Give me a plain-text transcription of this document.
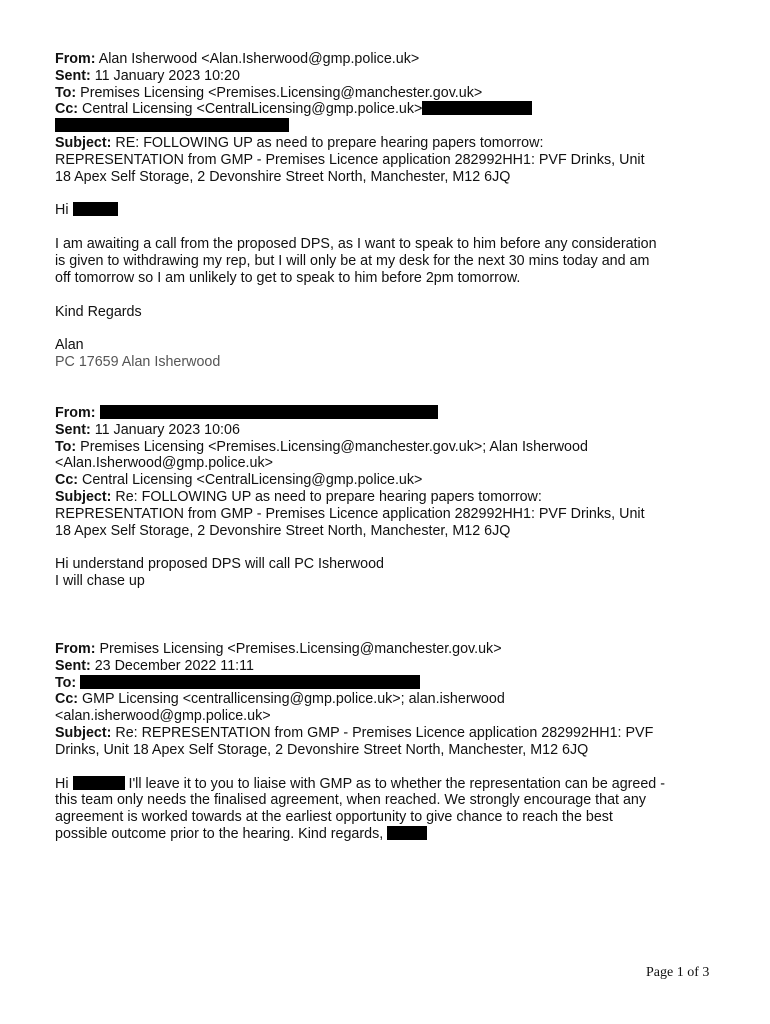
From: Alan Isherwood <Alan.Isherwood@gmp.police.uk>
Sent: 11 January 2023 10:20
To: Premises Licensing <Premises.Licensing@manchester.gov.uk>
Cc: Central Licensing <CentralLicensing@gmp.police.uk>
Subject: RE: FOLLOWING UP as need to prepare hearing papers tomorrow:
REPRESENTATION from GMP - Premises Licence application 282992HH1: PVF Drinks, Unit
18 Apex Self Storage, 2 Devonshire Street North, Manchester, M12 6JQ
Hi
I am awaiting a call from the proposed DPS, as I want to speak to him before any consideration
is given to withdrawing my rep, but I will only be at my desk for the next 30 mins today and am
off tomorrow so I am unlikely to get to speak to him before 2pm tomorrow.
Kind Regards
Alan
PC 17659 Alan Isherwood
From:
Sent: 11 January 2023 10:06
To: Premises Licensing <Premises.Licensing@manchester.gov.uk>; Alan Isherwood
<Alan.Isherwood@gmp.police.uk>
Cc: Central Licensing <CentralLicensing@gmp.police.uk>
Subject: Re: FOLLOWING UP as need to prepare hearing papers tomorrow:
REPRESENTATION from GMP - Premises Licence application 282992HH1: PVF Drinks, Unit
18 Apex Self Storage, 2 Devonshire Street North, Manchester, M12 6JQ
Hi understand proposed DPS will call PC Isherwood
I will chase up
From: Premises Licensing <Premises.Licensing@manchester.gov.uk>
Sent: 23 December 2022 11:11
To:
Cc: GMP Licensing <centrallicensing@gmp.police.uk>; alan.isherwood
<alan.isherwood@gmp.police.uk>
Subject: Re: REPRESENTATION from GMP - Premises Licence application 282992HH1: PVF
Drinks, Unit 18 Apex Self Storage, 2 Devonshire Street North, Manchester, M12 6JQ
Hi	I'll leave it to you to liaise with GMP as to whether the representation can be agreed -
this team only needs the finalised agreement, when reached. We strongly encourage that any
agreement is worked towards at the earliest opportunity to give chance to reach the best
possible outcome prior to the hearing. Kind regards,
Page 1 of 3
